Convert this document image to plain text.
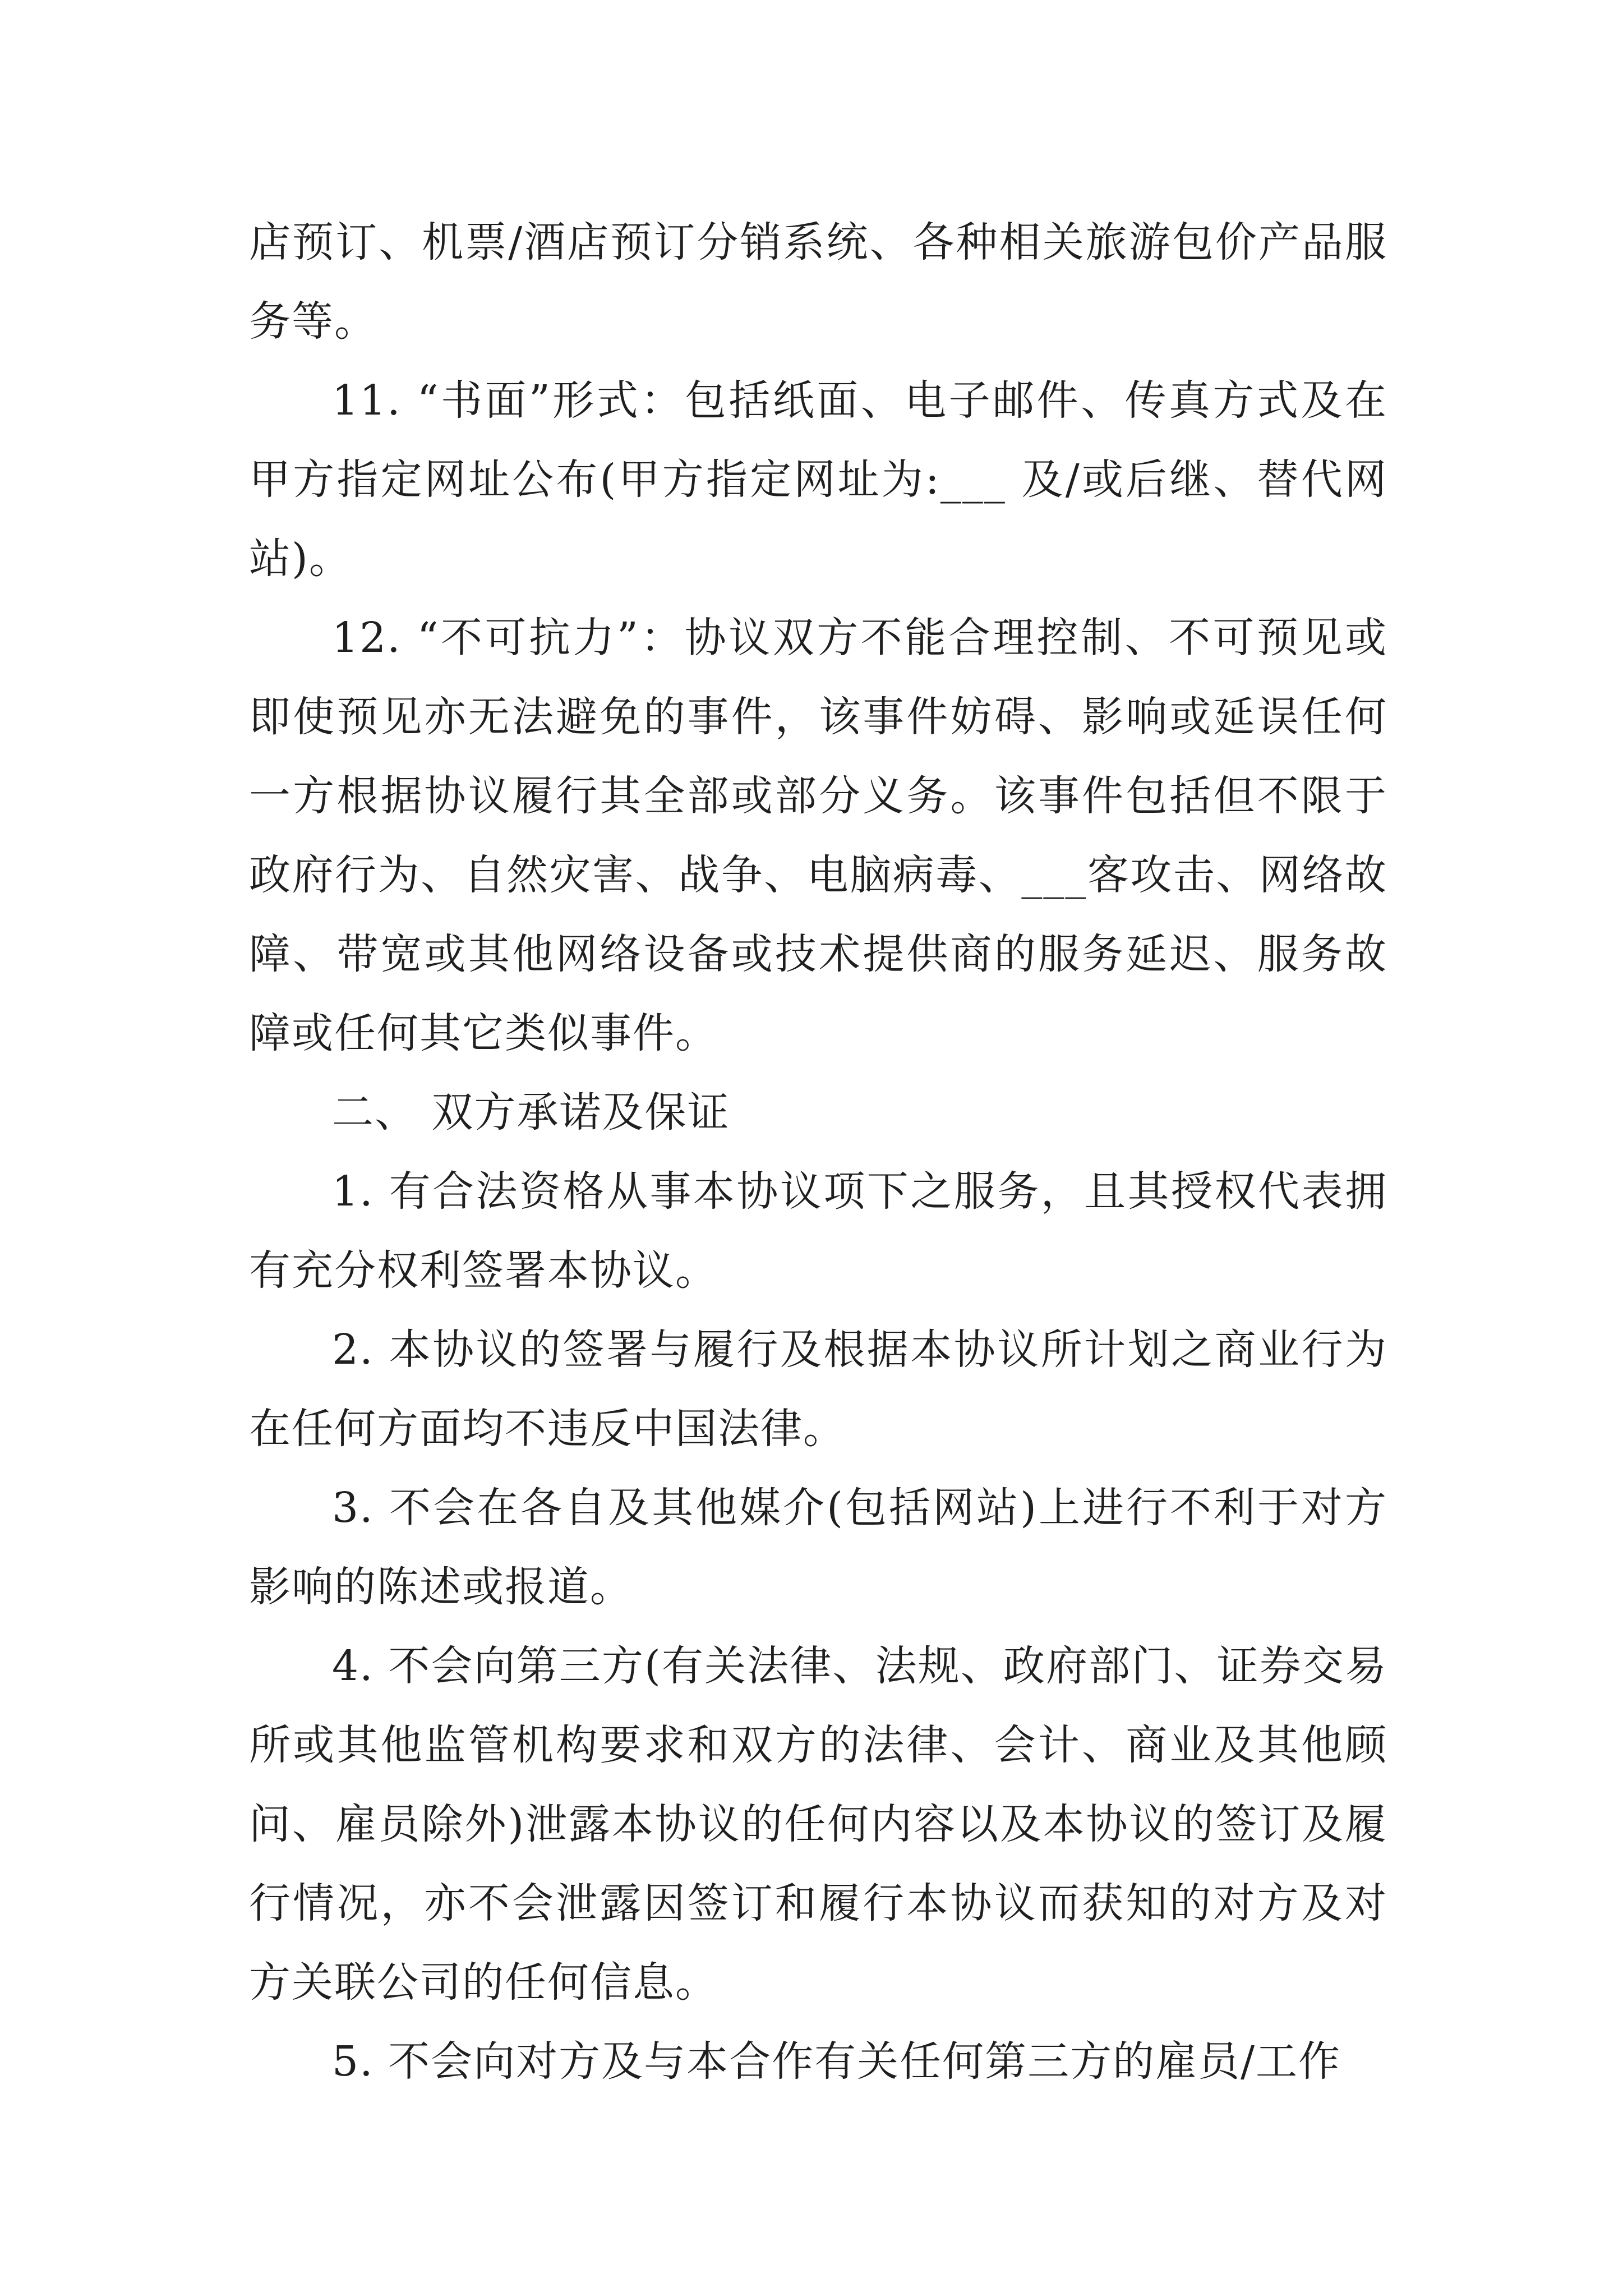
店预订、机票/酒店预订分销系统、各种相关旅游包价产品服务等。

11. “书面”形式：包括纸面、电子邮件、传真方式及在甲方指定网址公布(甲方指定网址为:___ 及/或后继、替代网站)。

12. “不可抗力”：协议双方不能合理控制、不可预见或即使预见亦无法避免的事件，该事件妨碍、影响或延误任何一方根据协议履行其全部或部分义务。该事件包括但不限于政府行为、自然灾害、战争、电脑病毒、___客攻击、网络故障、带宽或其他网络设备或技术提供商的服务延迟、服务故障或任何其它类似事件。

二、 双方承诺及保证

1. 有合法资格从事本协议项下之服务，且其授权代表拥有充分权利签署本协议。

2. 本协议的签署与履行及根据本协议所计划之商业行为在任何方面均不违反中国法律。

3. 不会在各自及其他媒介(包括网站)上进行不利于对方影响的陈述或报道。

4. 不会向第三方(有关法律、法规、政府部门、证券交易所或其他监管机构要求和双方的法律、会计、商业及其他顾问、雇员除外)泄露本协议的任何内容以及本协议的签订及履行情况，亦不会泄露因签订和履行本协议而获知的对方及对方关联公司的任何信息。

5. 不会向对方及与本合作有关任何第三方的雇员/工作
